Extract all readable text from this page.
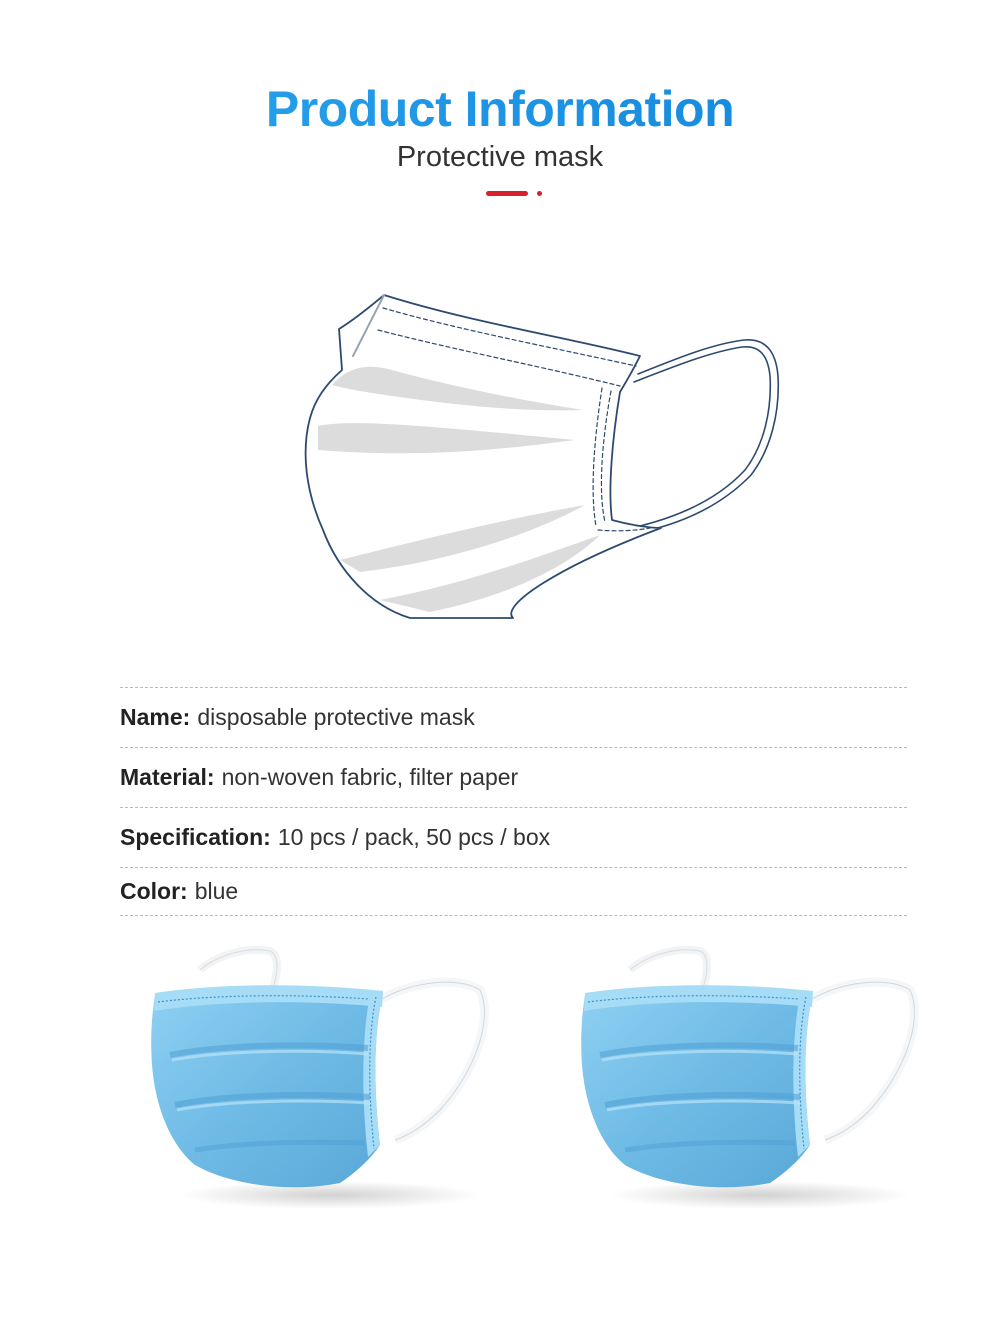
Product Information
Protective mask
Name: disposable protective mask
Material: non-woven fabric, filter paper
Specification: 10 pcs / pack, 50 pcs / box
Color: blue
